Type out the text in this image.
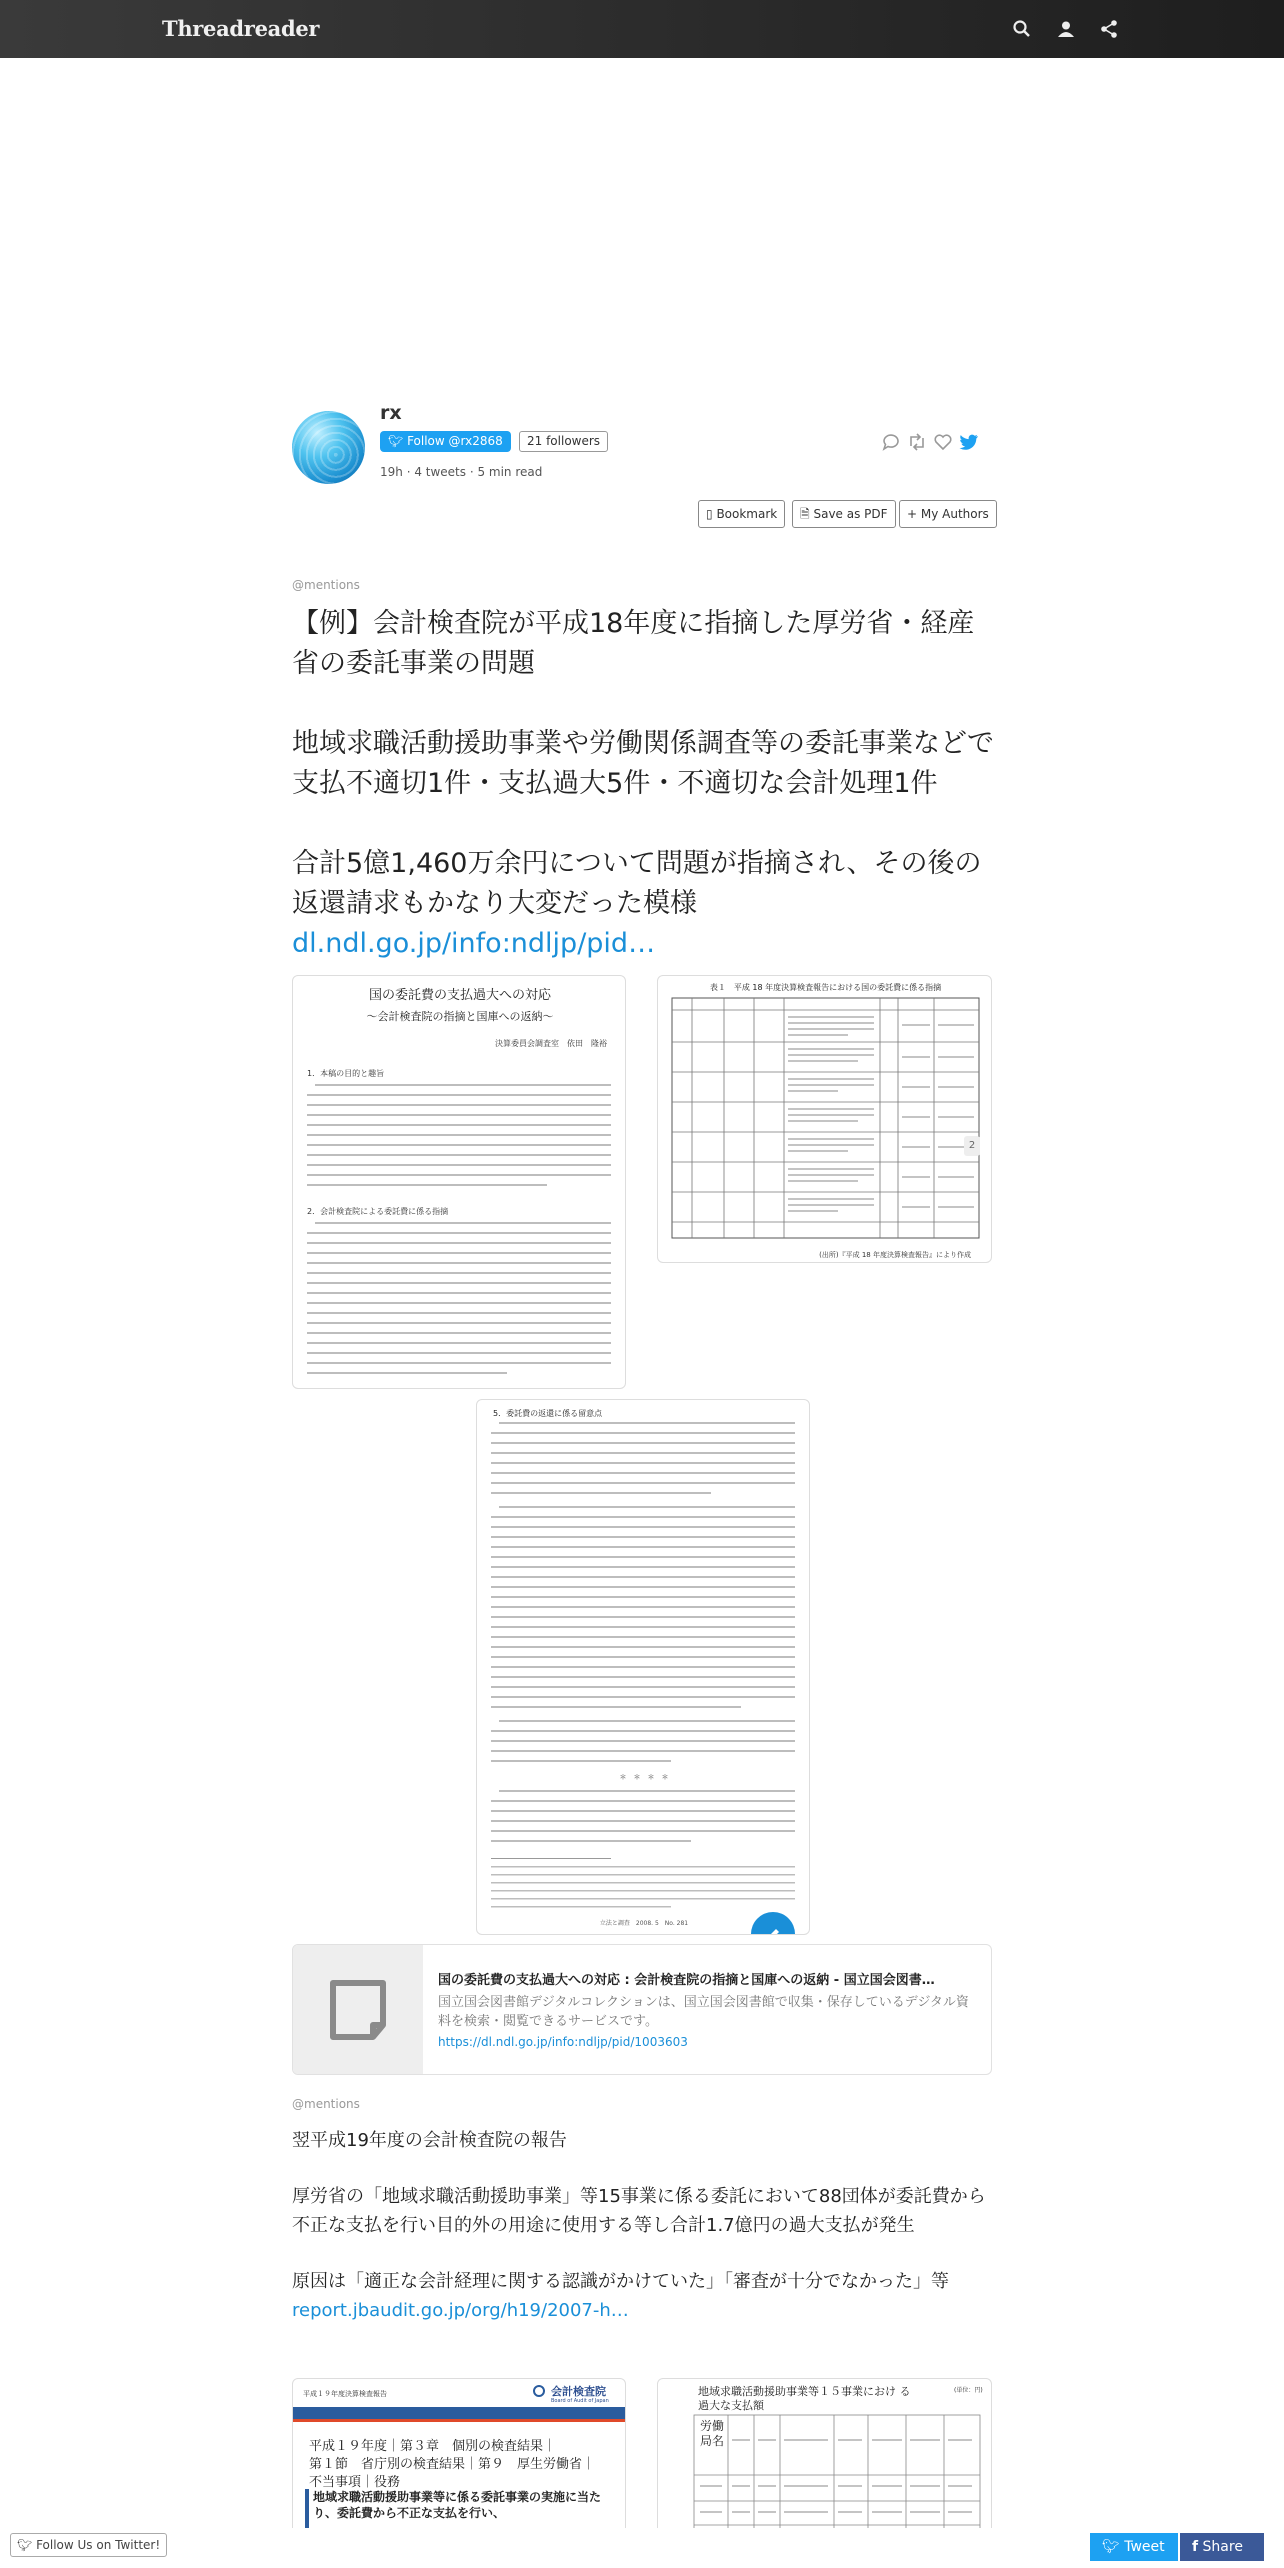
Threadreader
rx
🐦︎ Follow @rx2868	21 followers
19h · 4 tweets · 5 min read
▯ Bookmark	🗎 Save as PDF	+ My Authors
@mentions

【例】会計検査院が平成18年度に指摘した厚労省・経産省の委託事業の問題

地域求職活動援助事業や労働関係調査等の委託事業などで支払不適切1件・支払過大5件・不適切な会計処理1件

合計5億1,460万余円について問題が指摘され、その後の返還請求もかなり大変だった模様

dl.ndl.go.jp/info:ndljp/pid…

国の委託費の支払過大への対応
〜会計検査院の指摘と国庫への返納〜
決算委員会調査室　依田　隆裕
1．本稿の目的と趣旨
2．会計検査院による委託費に係る指摘
表１　平成 18 年度決算検査報告における国の委託費に係る指摘
(出所)『平成 18 年度決算検査報告』により作成
2
5．委託費の返還に係る留意点
＊　＊　＊　＊
立法と調査　2008. 5　No. 281
国の委託費の支払過大への対応 : 会計検査院の指摘と国庫への返納 - 国立国会図書…
国立国会図書館デジタルコレクションは、国立国会図書館で収集・保存しているデジタル資料を検索・閲覧できるサービスです。
https://dl.ndl.go.jp/info:ndljp/pid/1003603
@mentions

翌平成19年度の会計検査院の報告

厚労省の「地域求職活動援助事業」等15事業に係る委託において88団体が委託費から不正な支払を行い目的外の用途に使用する等し合計1.7億円の過大支払が発生

原因は「適正な会計経理に関する認識がかけていた」「審査が十分でなかった」等

report.jbaudit.go.jp/org/h19/2007-h…

平成１９年度決算検査報告	会計検査院
Board of Audit of Japan
平成１９年度｜第３章　個別の検査結果｜
第１節　省庁別の検査結果｜第９　厚生労働省｜
不当事項｜役務
地域求職活動援助事業等に係る委託事業の実施に当たり、委託費から不正な支払を行い、
地域求職活動援助事業等１５事業におけ る過大な支払額
(単位：円)
労働局名
🐦︎ Follow Us on Twitter!	🐦︎ Tweet	f Share
